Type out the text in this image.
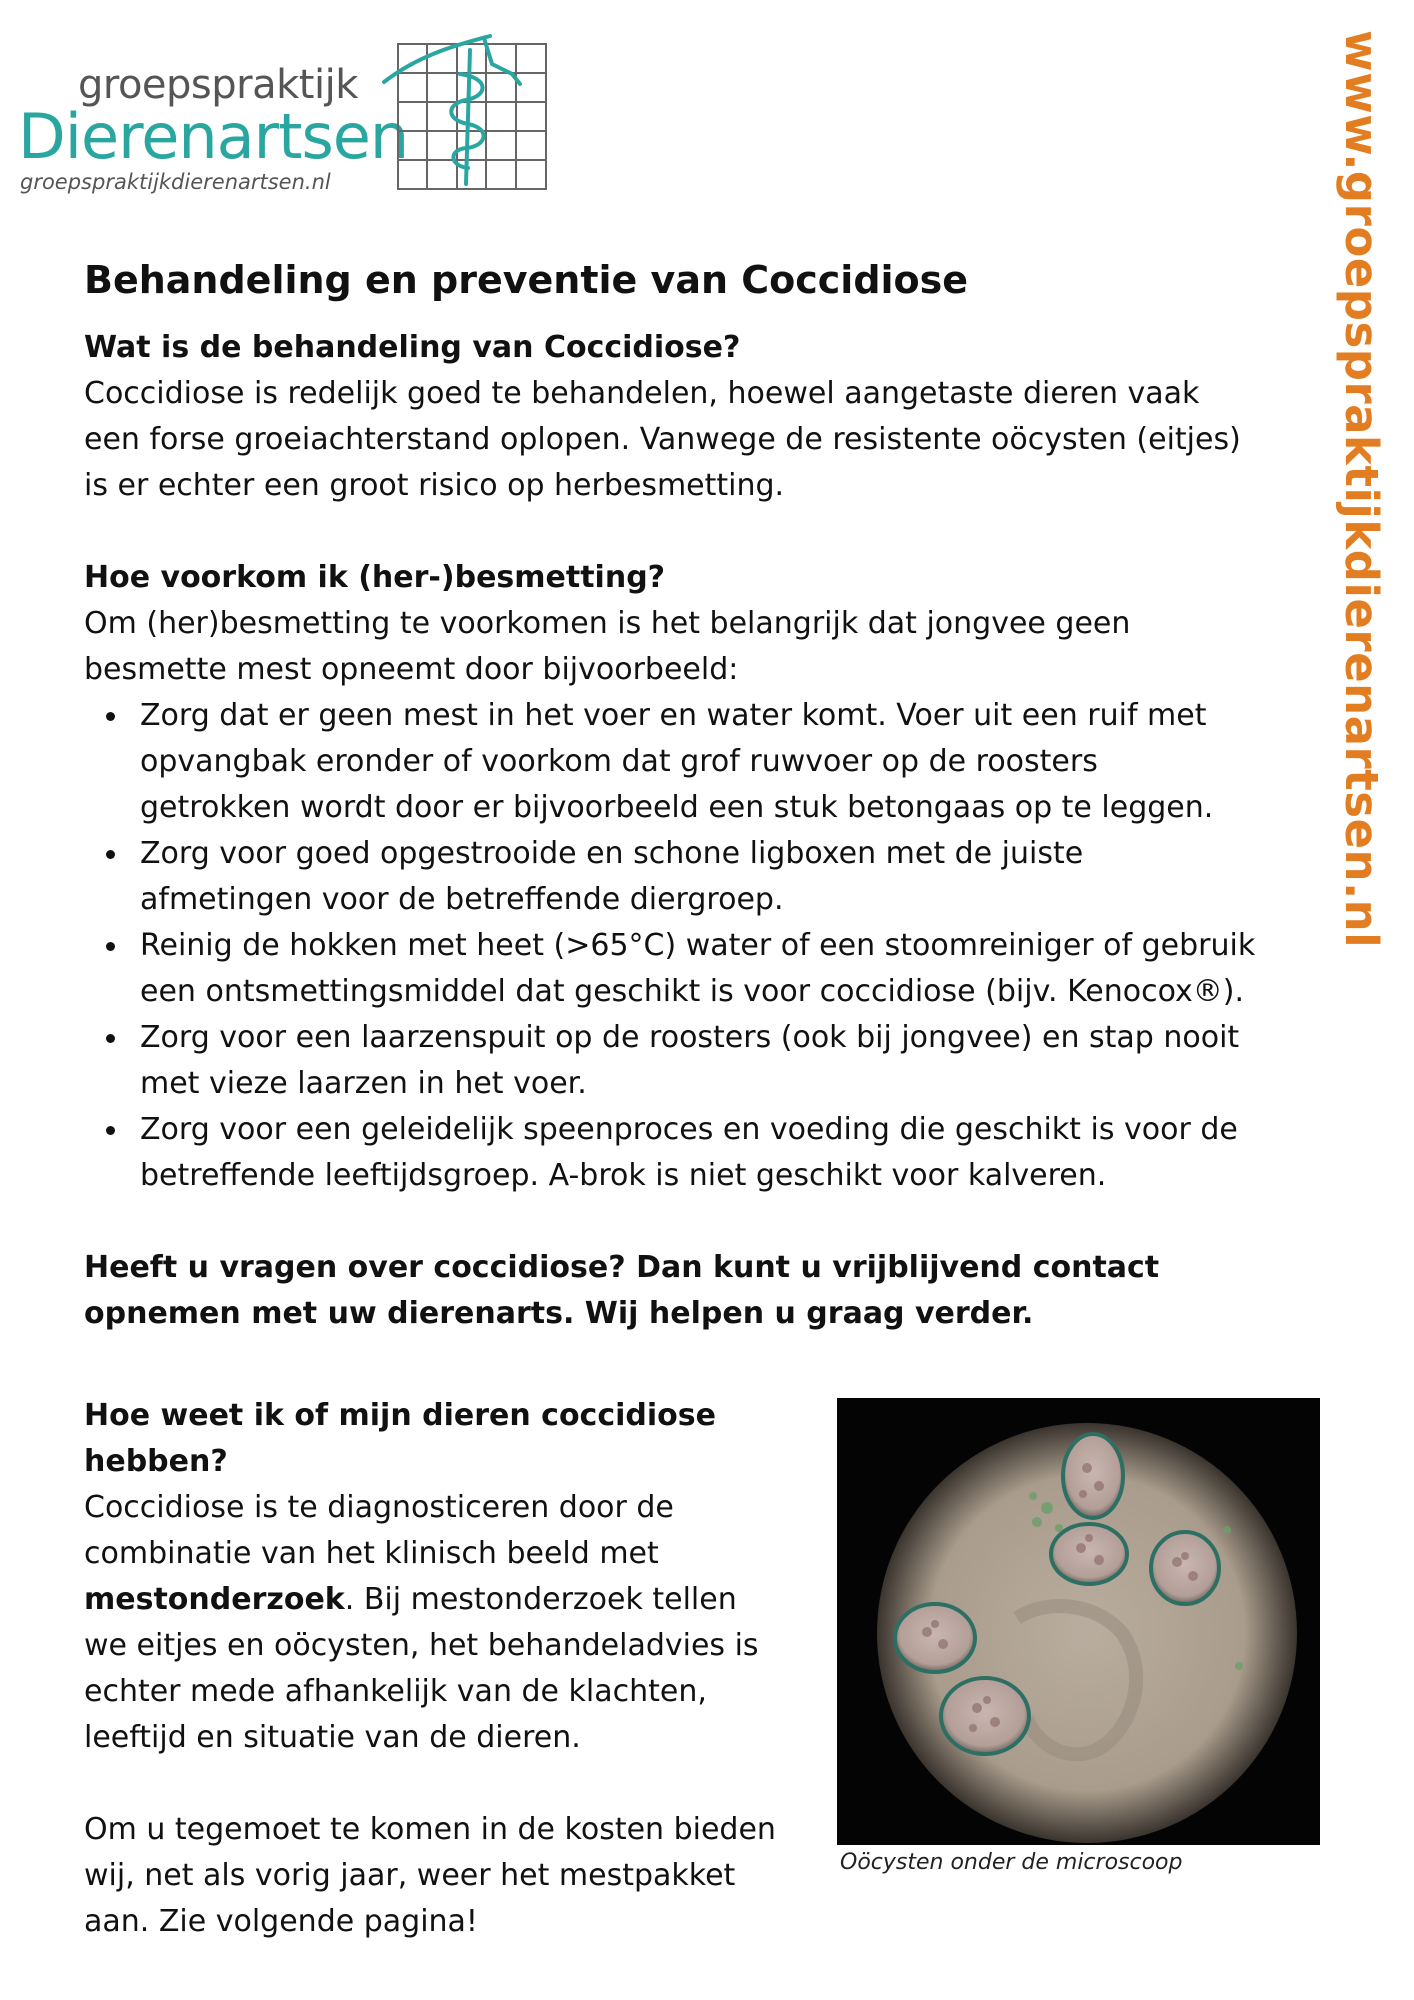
groepspraktijk
Dierenartsen
groepspraktijkdierenartsen.nl	www.groepspraktijkdierenartsen.nl
Behandeling en preventie van Coccidiose

Wat is de behandeling van Coccidiose?

Coccidiose is redelijk goed te behandelen, hoewel aangetaste dieren vaak

een forse groeiachterstand oplopen. Vanwege de resistente oöcysten (eitjes)

is er echter een groot risico op herbesmetting.

Hoe voorkom ik (her-)besmetting?

Om (her)besmetting te voorkomen is het belangrijk dat jongvee geen

besmette mest opneemt door bijvoorbeeld:

Zorg dat er geen mest in het voer en water komt. Voer uit een ruif met

opvangbak eronder of voorkom dat grof ruwvoer op de roosters

getrokken wordt door er bijvoorbeeld een stuk betongaas op te leggen.

Zorg voor goed opgestrooide en schone ligboxen met de juiste

afmetingen voor de betreffende diergroep.

Reinig de hokken met heet (>65°C) water of een stoomreiniger of gebruik

een ontsmettingsmiddel dat geschikt is voor coccidiose (bijv. Kenocox®).

Zorg voor een laarzenspuit op de roosters (ook bij jongvee) en stap nooit

met vieze laarzen in het voer.

Zorg voor een geleidelijk speenproces en voeding die geschikt is voor de

betreffende leeftijdsgroep. A-brok is niet geschikt voor kalveren.

Heeft u vragen over coccidiose? Dan kunt u vrijblijvend contact

opnemen met uw dierenarts. Wij helpen u graag verder.

Hoe weet ik of mijn dieren coccidiose

hebben?

Coccidiose is te diagnosticeren door de

combinatie van het klinisch beeld met

mestonderzoek. Bij mestonderzoek tellen

we eitjes en oöcysten, het behandeladvies is

echter mede afhankelijk van de klachten,

leeftijd en situatie van de dieren.

Om u tegemoet te komen in de kosten bieden

wij, net als vorig jaar, weer het mestpakket

aan. Zie volgende pagina!

Oöcysten onder de microscoop
